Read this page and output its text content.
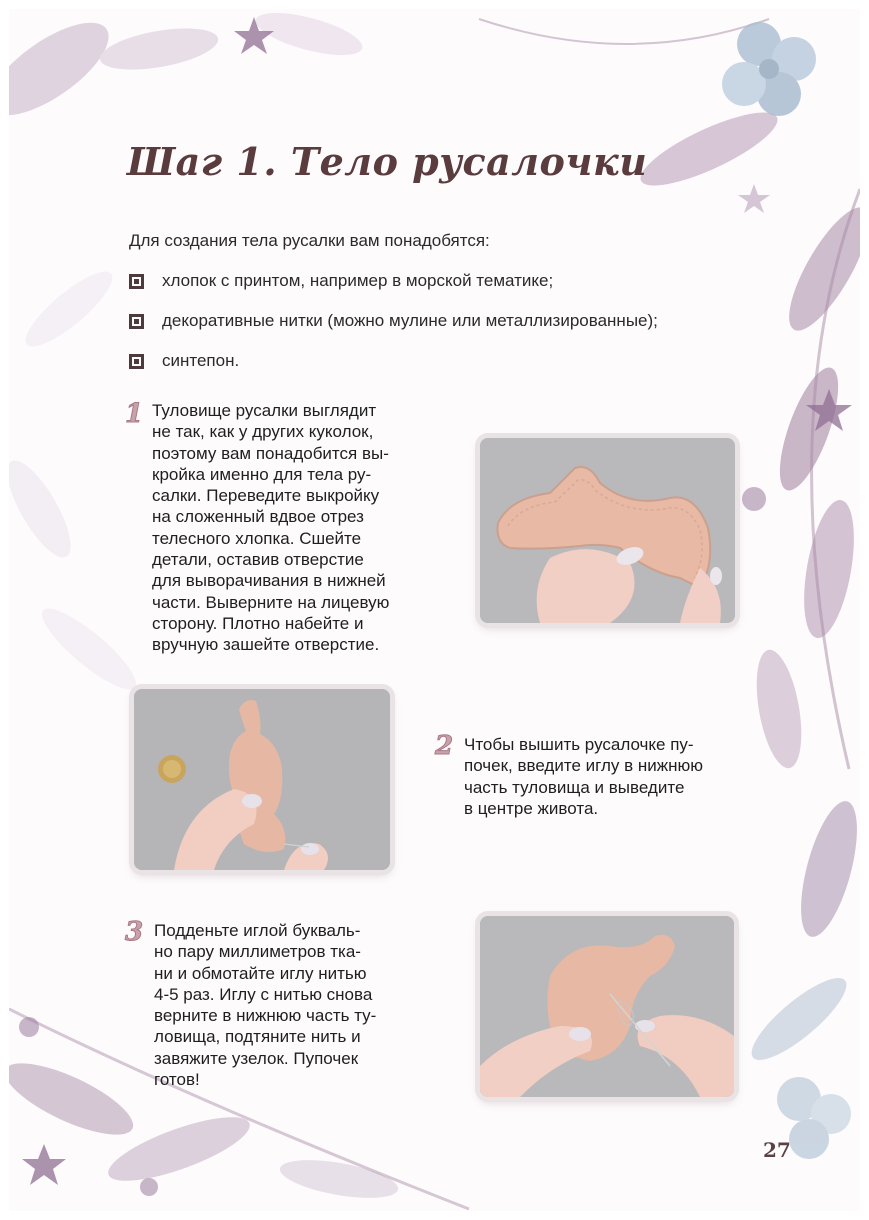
Шаг 1. Тело русалочки

Для создания тела русалки вам понадобятся:

хлопок с принтом, например в морской тематике;
декоративные нитки (можно мулине или металлизированные);
синтепон.
1 Туловище русалки выглядит
не так, как у других куколок,
поэтому вам понадобится вы-
кройка именно для тела ру-
салки. Переведите выкройку
на сложенный вдвое отрез
телесного хлопка. Сшейте
детали, оставив отверстие
для выворачивания в нижней
части. Выверните на лицевую
сторону. Плотно набейте и
вручную зашейте отверстие.
2 Чтобы вышить русалочке пу-
почек, введите иглу в нижнюю
часть туловища и выведите
в центре живота.
3 Подденьте иглой букваль-
но пару миллиметров тка-
ни и обмотайте иглу нитью
4-5 раз. Иглу с нитью снова
верните в нижнюю часть ту-
ловища, подтяните нить и
завяжите узелок. Пупочек
готов!
27
